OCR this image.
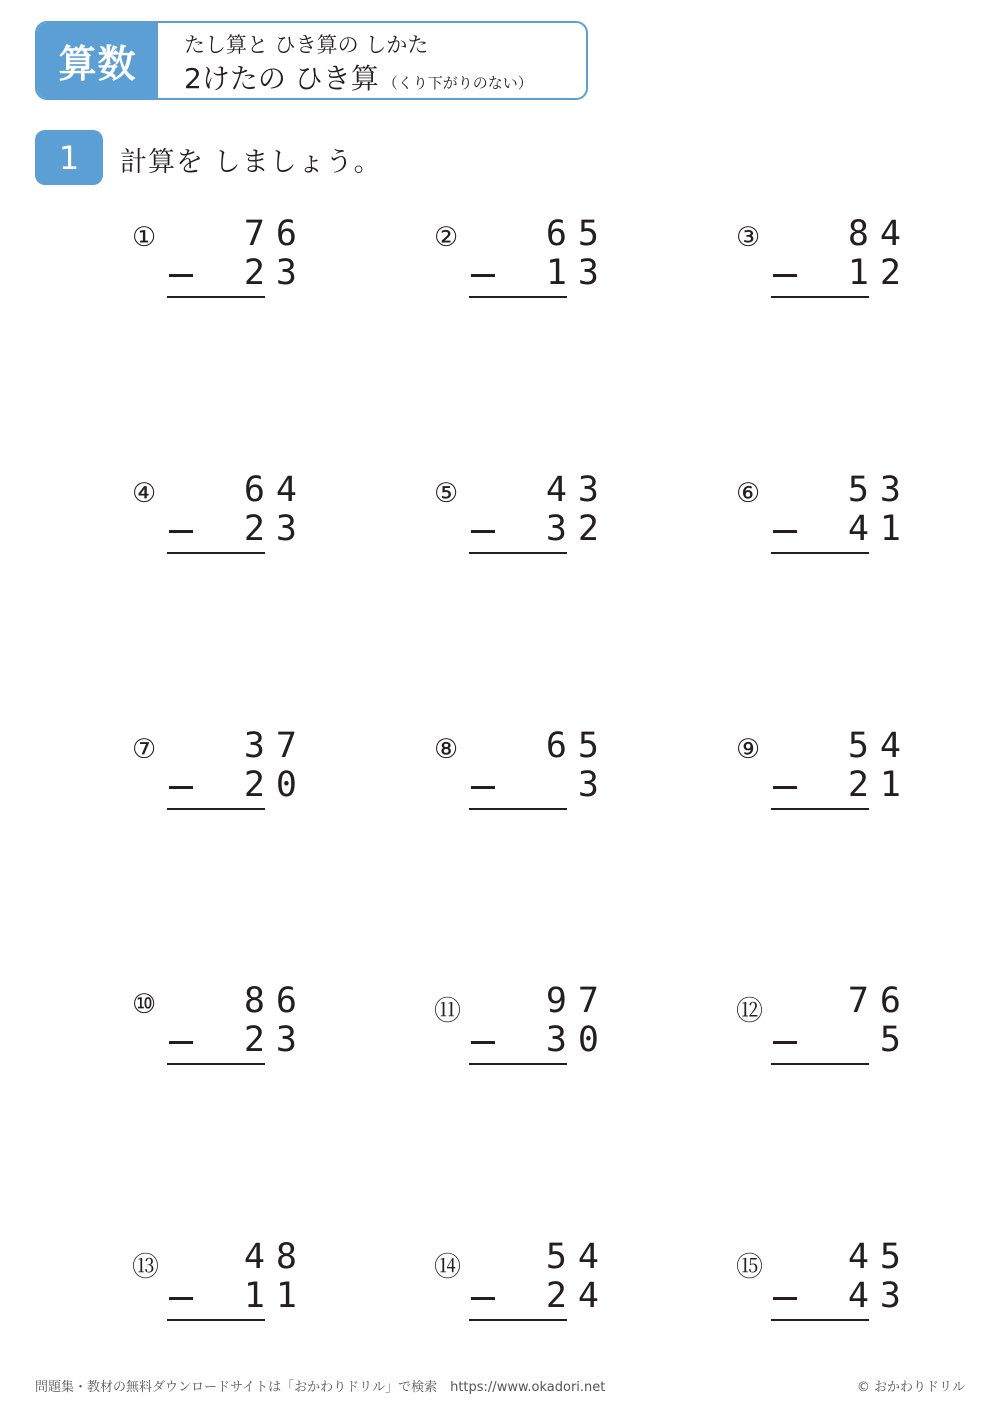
算数	たし算と ひき算の しかた
2けたの ひき算 （くり下がりのない）
1	計算を しましょう。
①	76
23
②	65
13
③	84
12
④	64
23
⑤	43
32
⑥	53
41
⑦	37
20
⑧	65
3
⑨	54
21
⑩	86
23
⑪ 97
30
⑫ 76
5
⑬ 48
11
⑭ 54
24
⑮ 45
43
問題集・教材の無料ダウンロードサイトは「おかわりドリル」で検索　https://www.okadori.net	© おかわりドリル
